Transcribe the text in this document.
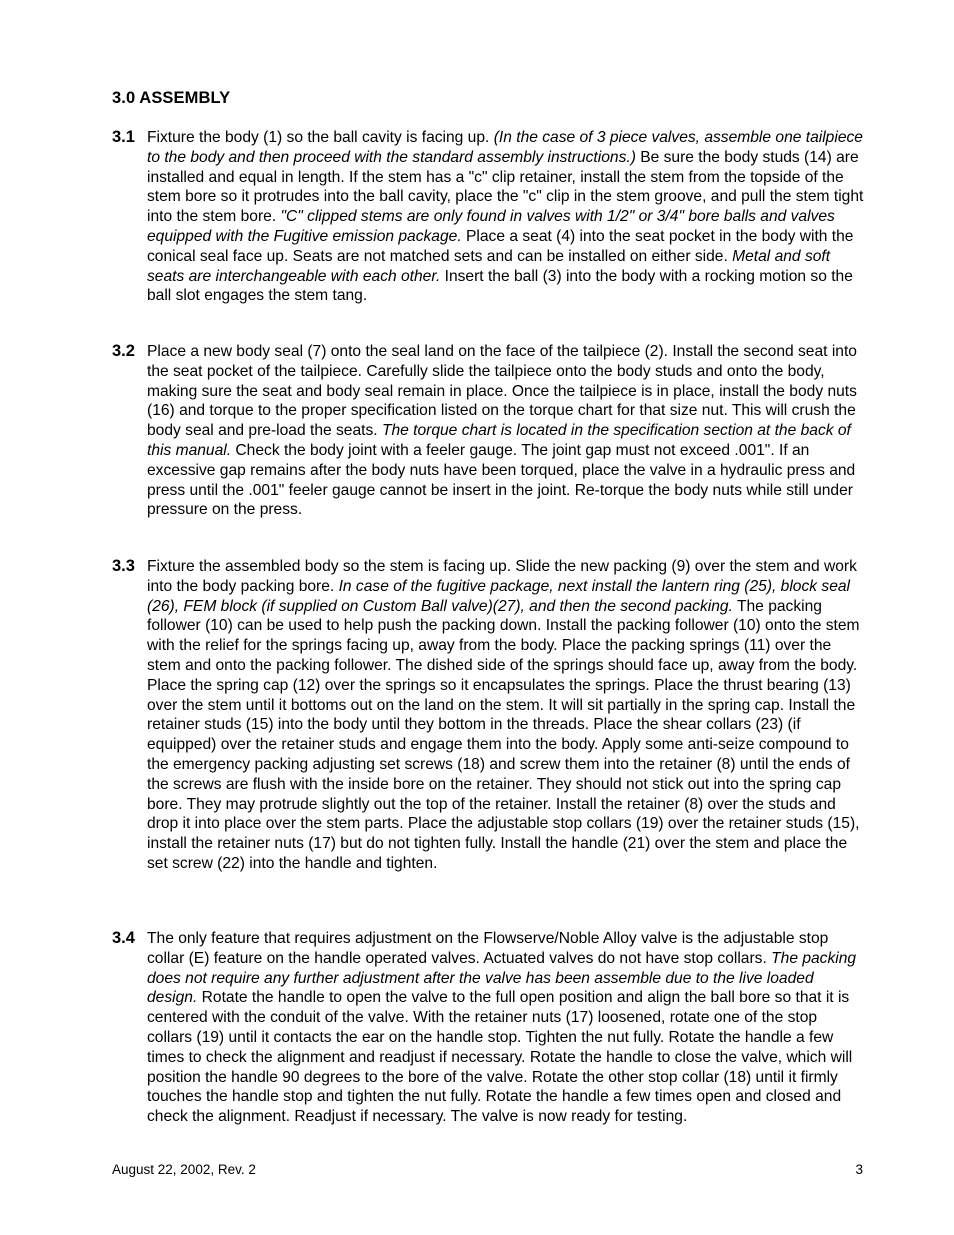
3.0 ASSEMBLY
3.1 Fixture the body (1) so the ball cavity is facing up. (In the case of 3 piece valves, assemble one tailpiece to the body and then proceed with the standard assembly instructions.) Be sure the body studs (14) are installed and equal in length. If the stem has a "c" clip retainer, install the stem from the topside of the stem bore so it protrudes into the ball cavity, place the "c" clip in the stem groove, and pull the stem tight into the stem bore. "C" clipped stems are only found in valves with 1/2" or 3/4" bore balls and valves equipped with the Fugitive emission package. Place a seat (4) into the seat pocket in the body with the conical seal face up. Seats are not matched sets and can be installed on either side. Metal and soft seats are interchangeable with each other. Insert the ball (3) into the body with a rocking motion so the ball slot engages the stem tang.
3.2 Place a new body seal (7) onto the seal land on the face of the tailpiece (2). Install the second seat into the seat pocket of the tailpiece. Carefully slide the tailpiece onto the body studs and onto the body, making sure the seat and body seal remain in place. Once the tailpiece is in place, install the body nuts (16) and torque to the proper specification listed on the torque chart for that size nut. This will crush the body seal and pre-load the seats. The torque chart is located in the specification section at the back of this manual. Check the body joint with a feeler gauge. The joint gap must not exceed .001". If an excessive gap remains after the body nuts have been torqued, place the valve in a hydraulic press and press until the .001" feeler gauge cannot be insert in the joint. Re-torque the body nuts while still under pressure on the press.
3.3 Fixture the assembled body so the stem is facing up. Slide the new packing (9) over the stem and work into the body packing bore. In case of the fugitive package, next install the lantern ring (25), block seal (26), FEM block (if supplied on Custom Ball valve)(27), and then the second packing. The packing follower (10) can be used to help push the packing down. Install the packing follower (10) onto the stem with the relief for the springs facing up, away from the body. Place the packing springs (11) over the stem and onto the packing follower. The dished side of the springs should face up, away from the body. Place the spring cap (12) over the springs so it encapsulates the springs. Place the thrust bearing (13) over the stem until it bottoms out on the land on the stem. It will sit partially in the spring cap. Install the retainer studs (15) into the body until they bottom in the threads. Place the shear collars (23) (if equipped) over the retainer studs and engage them into the body. Apply some anti-seize compound to the emergency packing adjusting set screws (18) and screw them into the retainer (8) until the ends of the screws are flush with the inside bore on the retainer. They should not stick out into the spring cap bore. They may protrude slightly out the top of the retainer. Install the retainer (8) over the studs and drop it into place over the stem parts. Place the adjustable stop collars (19) over the retainer studs (15), install the retainer nuts (17) but do not tighten fully. Install the handle (21) over the stem and place the set screw (22) into the handle and tighten.
3.4 The only feature that requires adjustment on the Flowserve/Noble Alloy valve is the adjustable stop collar (E) feature on the handle operated valves. Actuated valves do not have stop collars. The packing does not require any further adjustment after the valve has been assemble due to the live loaded design. Rotate the handle to open the valve to the full open position and align the ball bore so that it is centered with the conduit of the valve. With the retainer nuts (17) loosened, rotate one of the stop collars (19) until it contacts the ear on the handle stop. Tighten the nut fully. Rotate the handle a few times to check the alignment and readjust if necessary. Rotate the handle to close the valve, which will position the handle 90 degrees to the bore of the valve. Rotate the other stop collar (18) until it firmly touches the handle stop and tighten the nut fully. Rotate the handle a few times open and closed and check the alignment. Readjust if necessary. The valve is now ready for testing.
August 22, 2002, Rev. 2	3
